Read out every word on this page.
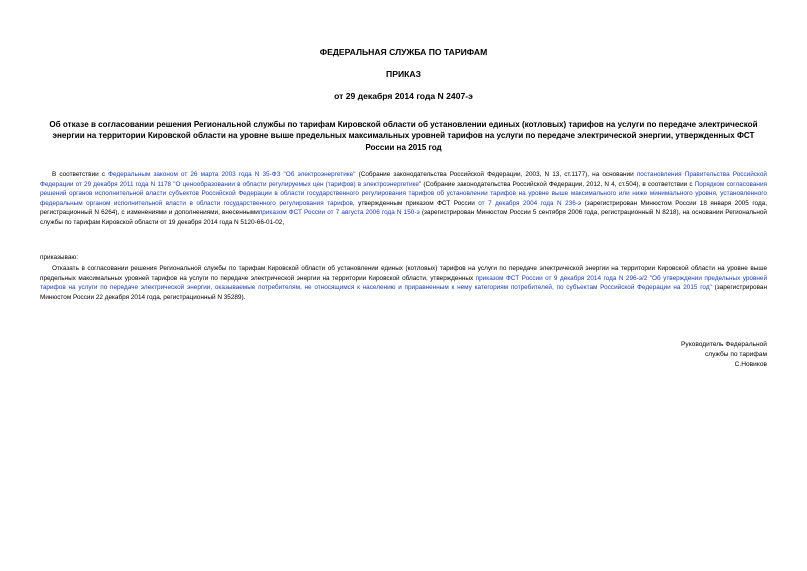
ФЕДЕРАЛЬНАЯ СЛУЖБА ПО ТАРИФАМ
ПРИКАЗ
от 29 декабря 2014 года N 2407-э
Об отказе в согласовании решения Региональной службы по тарифам Кировской области об установлении единых (котловых) тарифов на услуги по передаче электрической энергии на территории Кировской области на уровне выше предельных максимальных уровней тарифов на услуги по передаче электрической энергии, утвержденных ФСТ России на 2015 год
В соответствии с Федеральным законом от 26 марта 2003 года N 35-ФЗ "Об электроэнергетике" (Собрание законодательства Российской Федерации, 2003, N 13, ст.1177), на основании постановления Правительства Российской Федерации от 29 декабря 2011 года N 1178 "О ценообразовании в области регулируемых цен (тарифов) в электроэнергетике" (Собрание законодательства Российской Федерации, 2012, N 4, ст.504), в соответствии с Порядком согласования решений органов исполнительной власти субъектов Российской Федерации в области государственного регулирования тарифов об установлении тарифов на уровне выше максимального или ниже минимального уровня, установленного федеральным органом исполнительной власти в области государственного регулирования тарифов, утвержденным приказом ФСТ России от 7 декабря 2004 года N 236-э (зарегистрирован Минюстом России 18 января 2005 года, регистрационный N 6264), с изменениями и дополнениями, внесеннымиприказом ФСТ России от 7 августа 2006 года N 150-э (зарегистрирован Минюстом России 5 сентября 2006 года, регистрационный N 8218), на основании Региональной службы по тарифам Кировской области от 19 декабря 2014 года N 5120-66-01-02,
приказываю:
Отказать в согласовании решения Региональной службы по тарифам Кировской области об установлении единых (котловых) тарифов на услуги по передаче электрической энергии на территории Кировской области на уровне выше предельных максимальных уровней тарифов на услуги по передаче электрической энергии на территории Кировской области, утвержденных приказом ФСТ России от 9 декабря 2014 года N 296-э/2 "Об утверждении предельных уровней тарифов на услуги по передаче электрической энергии, оказываемые потребителям, не относящимся к населению и приравненным к нему категориям потребителей, по субъектам Российской Федерации на 2015 год" (зарегистрирован Минюстом России 22 декабря 2014 года, регистрационный N 35289).
Руководитель Федеральной
службы по тарифам
С.Новиков
